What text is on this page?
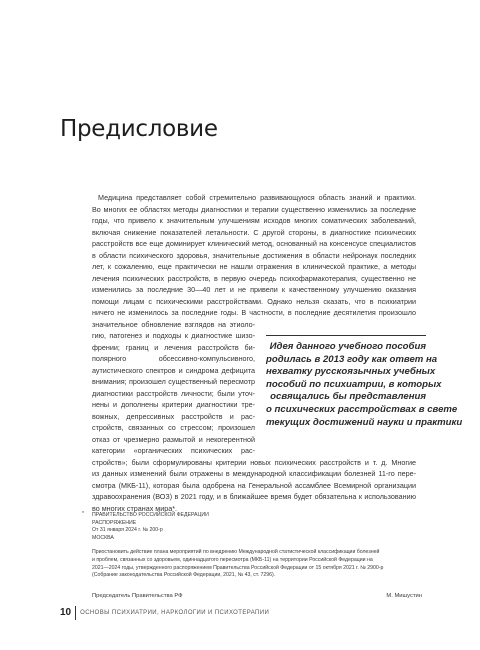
Предисловие
Медицина представляет собой стремительно развивающуюся область знаний и практики.
Во многих ее областях методы диагностики и терапии существенно изменились за последние
годы, что привело к значительным улучшениям исходов многих соматических заболеваний,
включая снижение показателей летальности. С другой стороны, в диагностике психических
расстройств все еще доминирует клинический метод, основанный на консенсусе специалистов
в области психического здоровья, значительные достижения в области нейронаук последних
лет, к сожалению, еще практически не нашли отражения в клинической практике, а методы
лечения психических расстройств, в первую очередь психофармакотерапия, существенно не
изменились за последние 30—40 лет и не привели к качественному улучшению оказания
помощи лицам с психическими расстройствами. Однако нельзя сказать, что в психиатрии
ничего не изменилось за последние годы. В частности, в последние десятилетия произошло
значительное обновление взглядов на этиоло-
гию, патогенез и подходы к диагностике шизо-
френии; границ и лечения расстройств би-
полярного обсессивно-компульсивного,
аутистического спектров и синдрома дефицита
внимания; произошел существенный пересмотр
диагностики расстройств личности; были уточ-
нены и дополнены критерии диагностики тре-
вожных, депрессивных расстройств и рас-
стройств, связанных со стрессом; произошел
отказ от чрезмерно размытой и некогерентной
категории «органических психических рас-
стройств»; были сформулированы критерии новых психических расстройств и т. д. Многие
из данных изменений были отражены в международной классификации болезней 11-го пере-
смотра (МКБ-11), которая была одобрена на Генеральной ассамблее Всемирной организации
здравоохранения (ВОЗ) в 2021 году, и в ближайшее время будет обязательна к использованию
во многих странах мира*.
Идея данного учебного пособия
родилась в 2013 году как ответ на
нехватку русскоязычных учебных
пособий по психиатрии, в которых
освящались бы представления
о психических расстройствах в свете
текущих достижений науки и практики
* ПРАВИТЕЛЬСТВО РОССИЙСКОЙ ФЕДЕРАЦИИ
РАСПОРЯЖЕНИЕ
От 31 января 2024 г. № 200-р
МОСКВА
Приостановить действие плана мероприятий по внедрению Международной статистической классификации болезней
и проблем, связанных со здоровьем, одиннадцатого пересмотра (МКБ-11) на территории Российской Федерации на
2021—2024 годы, утвержденного распоряжением Правительства Российской Федерации от 15 октября 2021 г. № 2900-р
(Собрание законодательства Российской Федерации, 2021, № 43, ст. 7296).
Председатель Правительства РФ	М. Мишустин
10	ОСНОВЫ ПСИХИАТРИИ, НАРКОЛОГИИ И ПСИХОТЕРАПИИ
